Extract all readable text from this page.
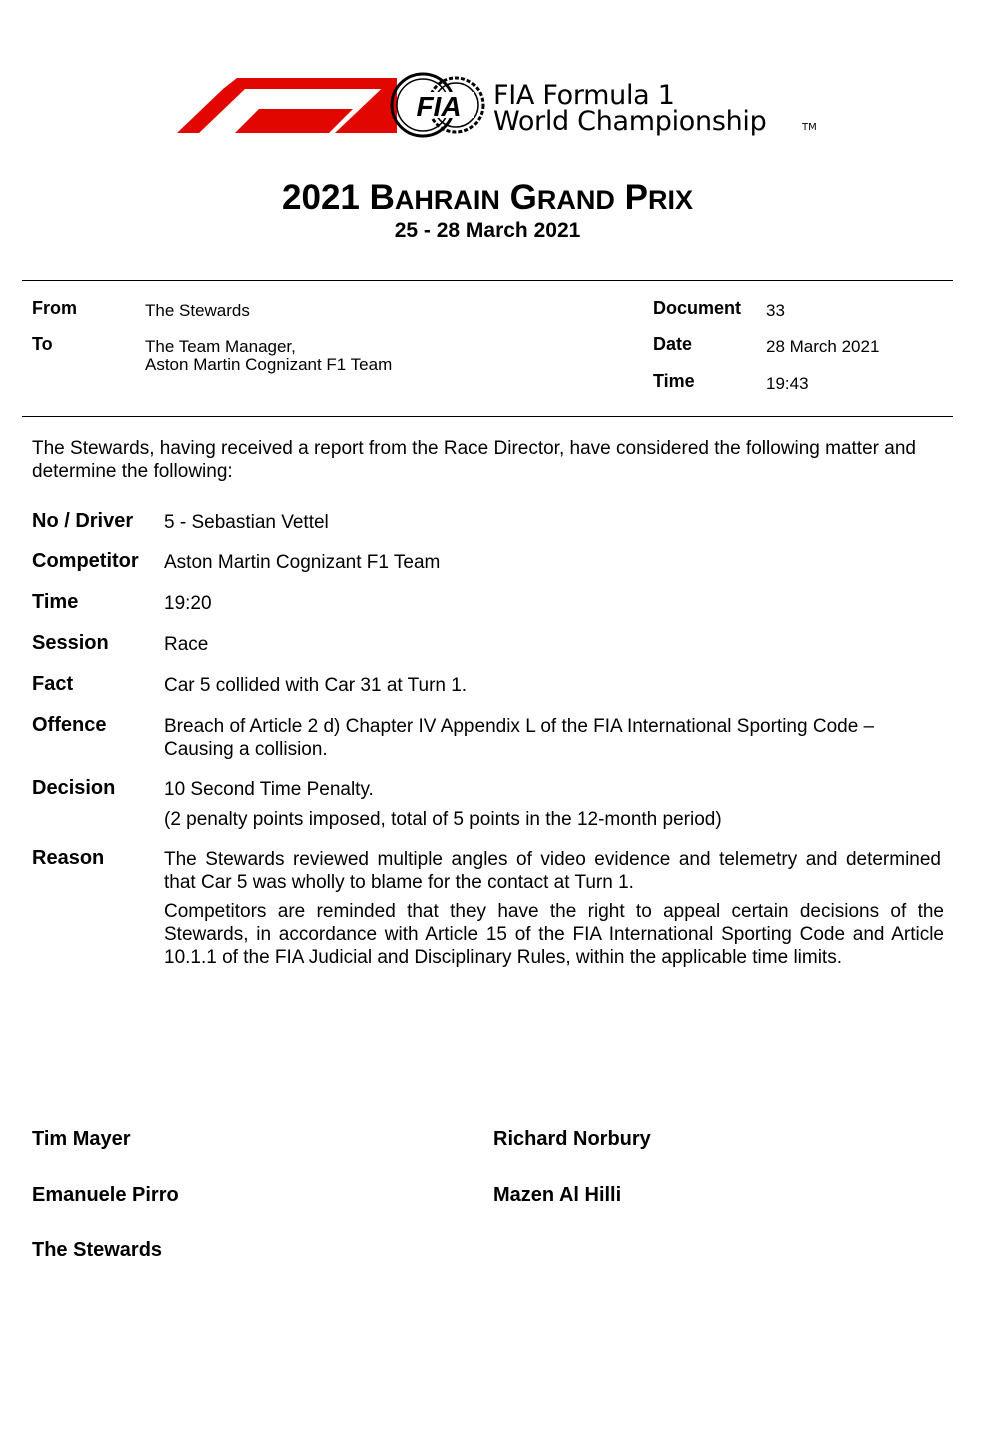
FIA FIA Formula 1
World Championship	TM
2021 BAHRAIN GRAND PRIX
25 - 28 March 2021
From	The Stewards
To	The Team Manager,
Aston Martin Cognizant F1 Team
Document 33
Date	28 March 2021
Time	19:43
The Stewards, having received a report from the Race Director, have considered the following matter and determine the following:
No / Driver 5 - Sebastian Vettel
Competitor Aston Martin Cognizant F1 Team
Time	19:20
Session	Race
Fact	Car 5 collided with Car 31 at Turn 1.
Offence	Breach of Article 2 d) Chapter IV Appendix L of the FIA International Sporting Code – Causing a collision.
Decision	10 Second Time Penalty.
(2 penalty points imposed, total of 5 points in the 12-month period)
Reason	The Stewards reviewed multiple angles of video evidence and telemetry and determined that Car 5 was wholly to blame for the contact at Turn 1.
Competitors are reminded that they have the right to appeal certain decisions of the Stewards, in accordance with Article 15 of the FIA International Sporting Code and Article 10.1.1 of the FIA Judicial and Disciplinary Rules, within the applicable time limits.
Tim Mayer	Richard Norbury
Emanuele Pirro	Mazen Al Hilli
The Stewards
